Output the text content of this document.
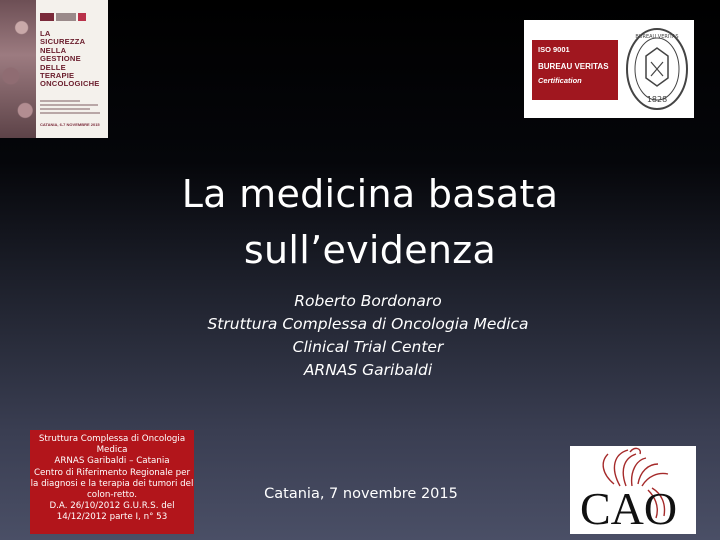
LA
SICUREZZA
NELLA
GESTIONE
DELLE
TERAPIE
ONCOLOGICHE
CATANIA, 6-7 NOVEMBRE 2015
ISO 9001
BUREAU VERITAS
Certification
1828
BUREAU VERITAS
La medicina basata
sull’evidenza
Roberto Bordonaro
Struttura Complessa di Oncologia Medica
Clinical Trial Center
ARNAS Garibaldi
Struttura Complessa di Oncologia
Medica
ARNAS Garibaldi – Catania
Centro di Riferimento Regionale per
la diagnosi e la terapia dei tumori del
colon-retto.
D.A. 26/10/2012 G.U.R.S. del
14/12/2012 parte I, n° 53
Catania, 7 novembre 2015	CAO
